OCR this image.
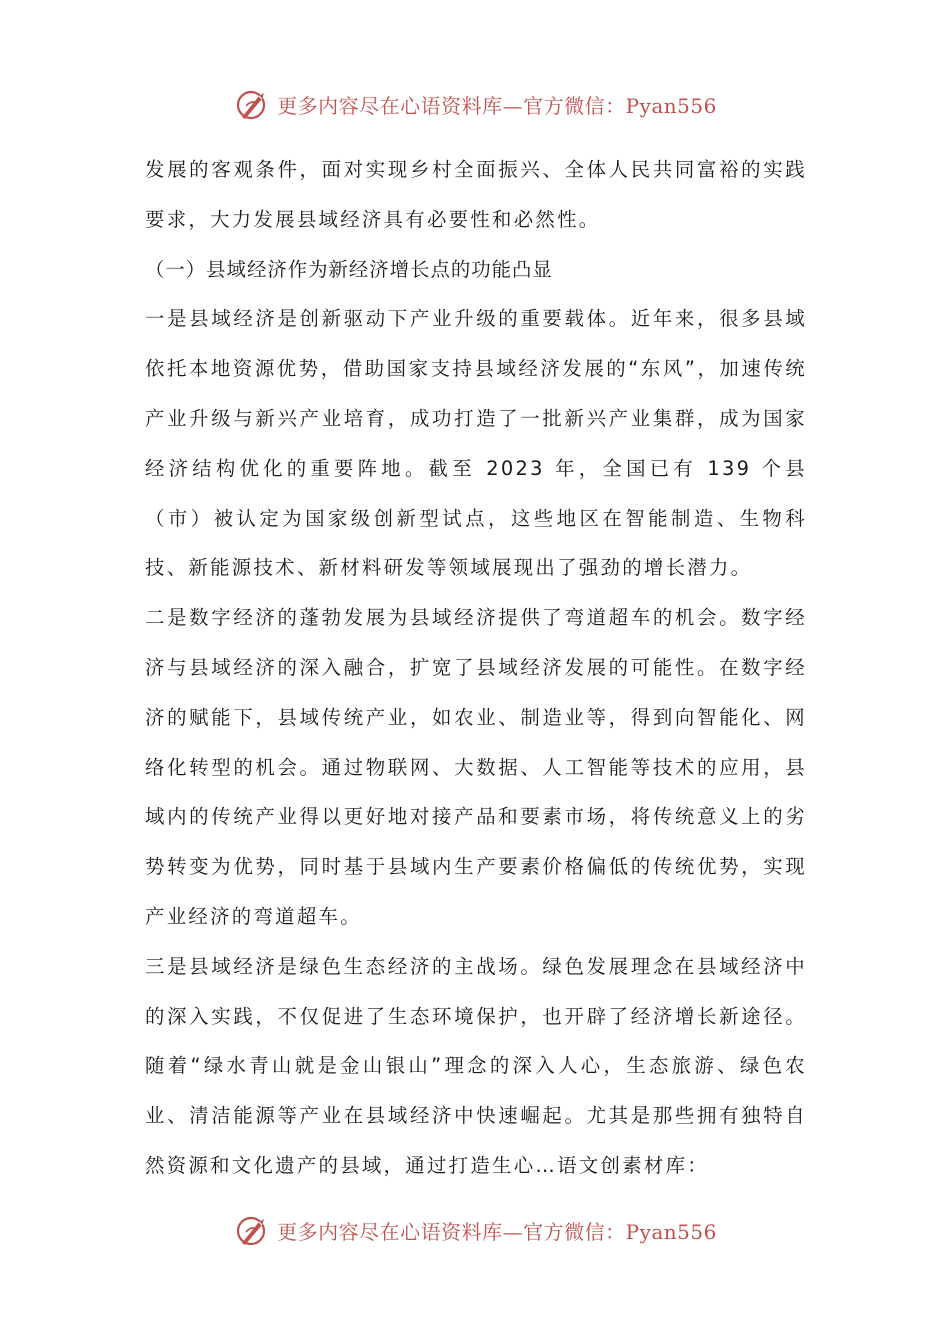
更多内容尽在心语资料库—官方微信：Pyan556

发展的客观条件，面对实现乡村全面振兴、全体人民共同富裕的实践要求，大力发展县域经济具有必要性和必然性。

（一）县域经济作为新经济增长点的功能凸显

一是县域经济是创新驱动下产业升级的重要载体。近年来，很多县域依托本地资源优势，借助国家支持县域经济发展的“东风”，加速传统产业升级与新兴产业培育，成功打造了一批新兴产业集群，成为国家经济结构优化的重要阵地。截至 2023 年，全国已有 139 个县（市）被认定为国家级创新型试点，这些地区在智能制造、生物科技、新能源技术、新材料研发等领域展现出了强劲的增长潜力。

二是数字经济的蓬勃发展为县域经济提供了弯道超车的机会。数字经济与县域经济的深入融合，扩宽了县域经济发展的可能性。在数字经济的赋能下，县域传统产业，如农业、制造业等，得到向智能化、网络化转型的机会。通过物联网、大数据、人工智能等技术的应用，县域内的传统产业得以更好地对接产品和要素市场，将传统意义上的劣势转变为优势，同时基于县域内生产要素价格偏低的传统优势，实现产业经济的弯道超车。

三是县域经济是绿色生态经济的主战场。绿色发展理念在县域经济中的深入实践，不仅促进了生态环境保护，也开辟了经济增长新途径。随着“绿水青山就是金山银山”理念的深入人心，生态旅游、绿色农业、清洁能源等产业在县域经济中快速崛起。尤其是那些拥有独特自然资源和文化遗产的县域，通过打造生心…语文创素材库：

更多内容尽在心语资料库—官方微信：Pyan556
